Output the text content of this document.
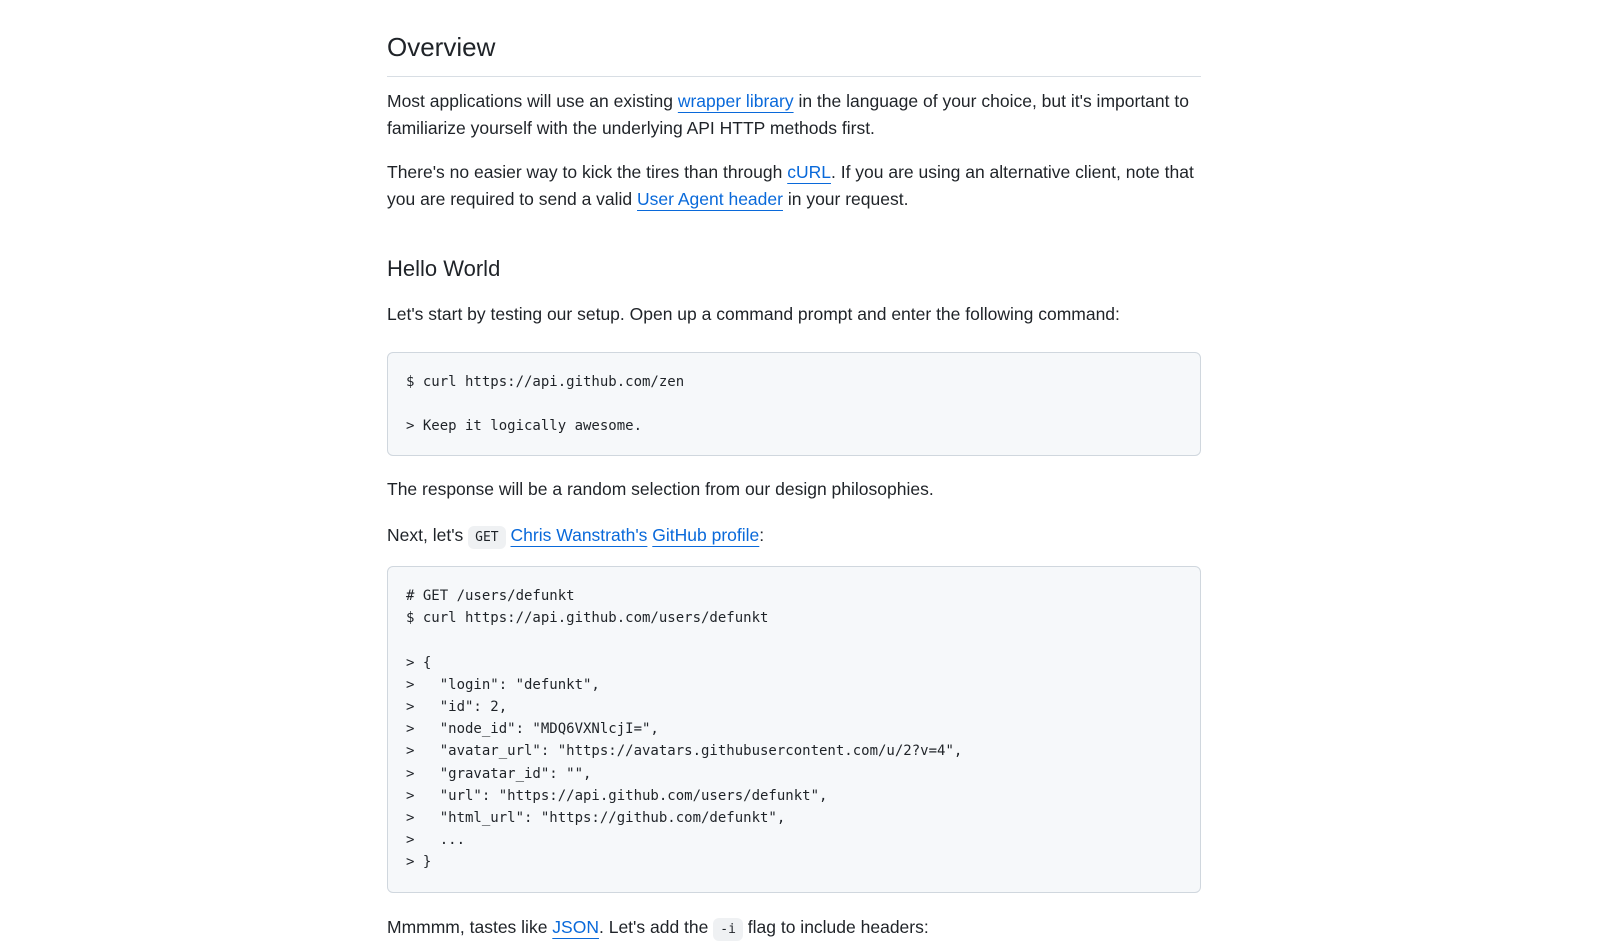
Overview

Most applications will use an existing wrapper library in the language of your choice, but it's important to familiarize yourself with the underlying API HTTP methods first.

There's no easier way to kick the tires than through cURL. If you are using an alternative client, note that you are required to send a valid User Agent header in your request.

Hello World

Let's start by testing our setup. Open up a command prompt and enter the following command:

$ curl https://api.github.com/zen
> Keep it logically awesome.

The response will be a random selection from our design philosophies.

Next, let's GET Chris Wanstrath's GitHub profile:

Mmmmm, tastes like JSON. Let's add the -i flag to include headers:

# GET /users/defunkt
$ curl https://api.github.com/users/defunkt
> {
>   "login": "defunkt",
>   "id": 2,
>   "node_id": "MDQ6VXNlcjI=",
>   "avatar_url": "https://avatars.githubusercontent.com/u/2?v=4",
>   "gravatar_id": "",
>   "url": "https://api.github.com/users/defunkt",
>   "html_url": "https://github.com/defunkt",
>   ...
> }
